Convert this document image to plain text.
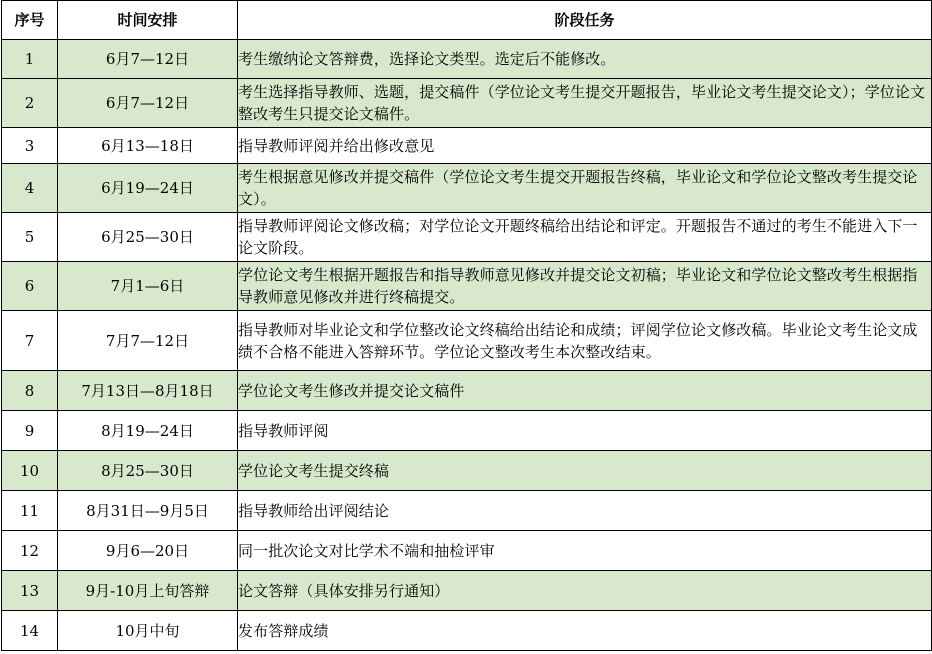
序号	时间安排	阶段任务
1	6月7—12日	考生缴纳论文答辩费，选择论文类型。选定后不能修改。
2	6月7—12日	考生选择指导教师、选题，提交稿件（学位论文考生提交开题报告，毕业论文考生提交论文）；学位论文整改考生只提交论文稿件。
3	6月13—18日	指导教师评阅并给出修改意见
4	6月19—24日	考生根据意见修改并提交稿件（学位论文考生提交开题报告终稿，毕业论文和学位论文整改考生提交论文）。
5	6月25—30日	指导教师评阅论文修改稿；对学位论文开题终稿给出结论和评定。开题报告不通过的考生不能进入下一论文阶段。
6	7月1—6日	学位论文考生根据开题报告和指导教师意见修改并提交论文初稿；毕业论文和学位论文整改考生根据指导教师意见修改并进行终稿提交。
7	7月7—12日	指导教师对毕业论文和学位整改论文终稿给出结论和成绩；评阅学位论文修改稿。毕业论文考生论文成绩不合格不能进入答辩环节。学位论文整改考生本次整改结束。
8	7月13日—8月18日	学位论文考生修改并提交论文稿件
9	8月19—24日	指导教师评阅
10	8月25—30日	学位论文考生提交终稿
11	8月31日—9月5日	指导教师给出评阅结论
12	9月6—20日	同一批次论文对比学术不端和抽检评审
13	9月-10月上旬答辩	论文答辩（具体安排另行通知）
14	10月中旬	发布答辩成绩
